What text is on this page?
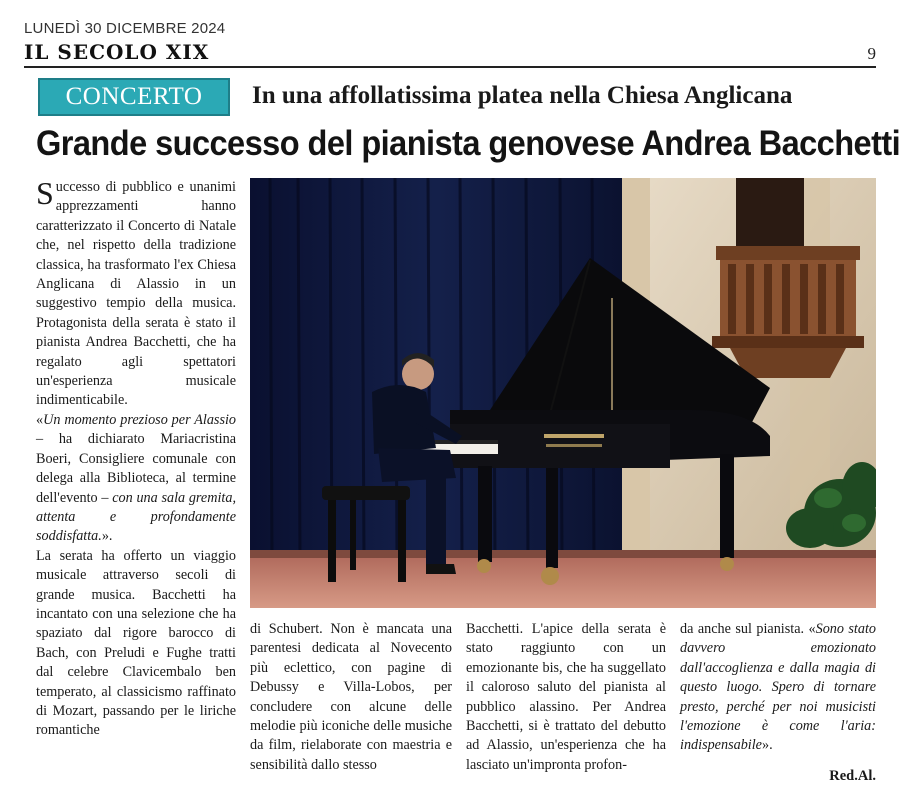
LUNEDÌ 30 DICEMBRE 2024
IL SECOLO XIX	9
CONCERTO	In una affollatissima platea nella Chiesa Anglicana
Grande successo del pianista genovese Andrea Bacchetti

Successo di pubblico e unanimi apprezzamenti hanno caratterizzato il Concerto di Natale che, nel rispetto della tradizione classica, ha trasformato l'ex Chiesa Anglicana di Alassio in un suggestivo tempio della musica. Protagonista della serata è stato il pianista Andrea Bacchetti, che ha regalato agli spettatori un'esperienza musicale indimenticabile.

«Un momento prezioso per Alassio – ha dichiarato Mariacristina Boeri, Consigliere comunale con delega alla Biblioteca, al termine dell'evento – con una sala gremita, attenta e profondamente soddisfatta.».

La serata ha offerto un viaggio musicale attraverso secoli di grande musica. Bacchetti ha incantato con una selezione che ha spaziato dal rigore barocco di Bach, con Preludi e Fughe tratti dal celebre Clavicembalo ben temperato, al classicismo raffinato di Mozart, passando per le liriche romantiche

di Schubert. Non è mancata una parentesi dedicata al Novecento più eclettico, con pagine di Debussy e Villa-Lobos, per concludere con alcune delle melodie più iconiche delle musiche da film, rielaborate con maestria e sensibilità dallo stesso
Bacchetti. L'apice della serata è stato raggiunto con un emozionante bis, che ha suggellato il caloroso saluto del pianista al pubblico alassino. Per Andrea Bacchetti, si è trattato del debutto ad Alassio, un'esperienza che ha lasciato un'impronta profon-
da anche sul pianista. «Sono stato davvero emozionato dall'accoglienza e dalla magia di questo luogo. Spero di tornare presto, perché per noi musicisti l'emozione è come l'aria: indispensabile».
Red.Al.
